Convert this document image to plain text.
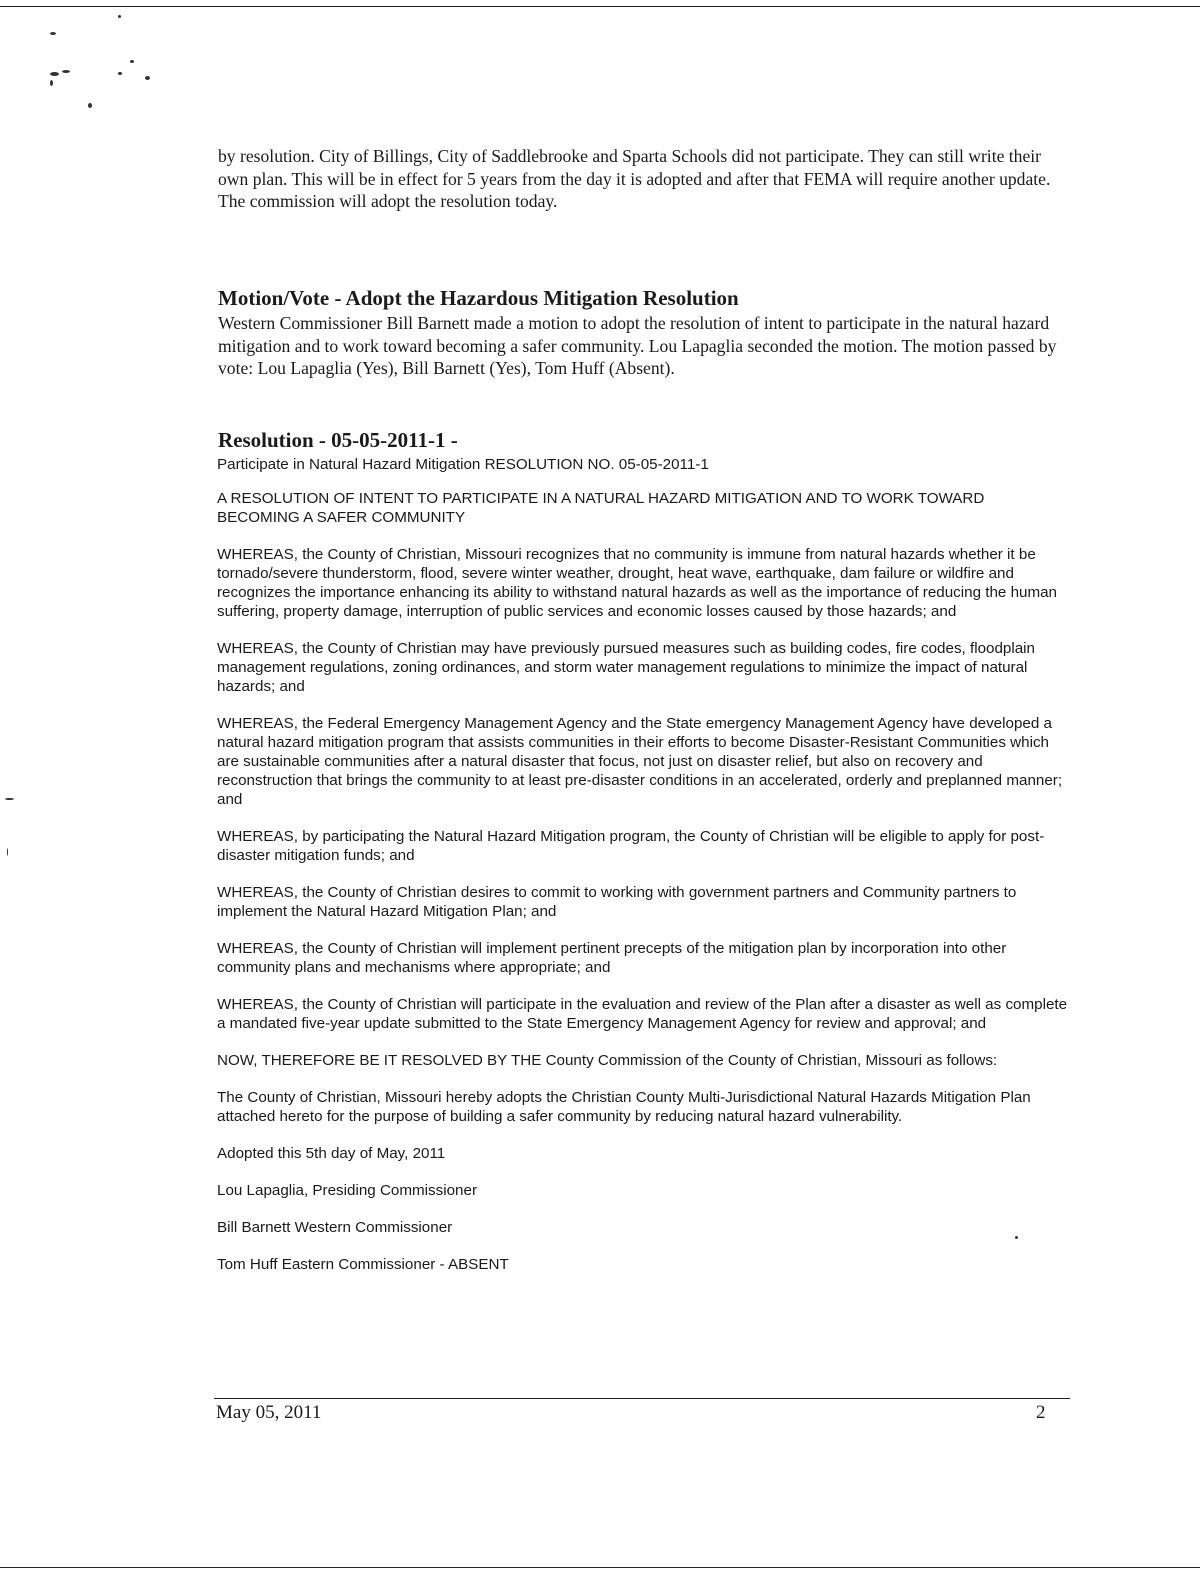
by resolution. City of Billings, City of Saddlebrooke and Sparta Schools did not participate. They can still write their own plan. This will be in effect for 5 years from the day it is adopted and after that FEMA will require another update. The commission will adopt the resolution today.
Motion/Vote - Adopt the Hazardous Mitigation Resolution
Western Commissioner Bill Barnett made a motion to adopt the resolution of intent to participate in the natural hazard mitigation and to work toward becoming a safer community. Lou Lapaglia seconded the motion. The motion passed by vote: Lou Lapaglia (Yes), Bill Barnett (Yes), Tom Huff (Absent).
Resolution - 05-05-2011-1 -

Participate in Natural Hazard Mitigation RESOLUTION NO. 05-05-2011-1

A RESOLUTION OF INTENT TO PARTICIPATE IN A NATURAL HAZARD MITIGATION AND TO WORK TOWARD BECOMING A SAFER COMMUNITY

WHEREAS, the County of Christian, Missouri recognizes that no community is immune from natural hazards whether it be tornado/severe thunderstorm, flood, severe winter weather, drought, heat wave, earthquake, dam failure or wildfire and recognizes the importance enhancing its ability to withstand natural hazards as well as the importance of reducing the human suffering, property damage, interruption of public services and economic losses caused by those hazards; and

WHEREAS, the County of Christian may have previously pursued measures such as building codes, fire codes, floodplain management regulations, zoning ordinances, and storm water management regulations to minimize the impact of natural hazards; and

WHEREAS, the Federal Emergency Management Agency and the State emergency Management Agency have developed a natural hazard mitigation program that assists communities in their efforts to become Disaster-Resistant Communities which are sustainable communities after a natural disaster that focus, not just on disaster relief, but also on recovery and reconstruction that brings the community to at least pre-disaster conditions in an accelerated, orderly and preplanned manner; and

WHEREAS, by participating the Natural Hazard Mitigation program, the County of Christian will be eligible to apply for post-disaster mitigation funds; and

WHEREAS, the County of Christian desires to commit to working with government partners and Community partners to implement the Natural Hazard Mitigation Plan; and

WHEREAS, the County of Christian will implement pertinent precepts of the mitigation plan by incorporation into other community plans and mechanisms where appropriate; and

WHEREAS, the County of Christian will participate in the evaluation and review of the Plan after a disaster as well as complete a mandated five-year update submitted to the State Emergency Management Agency for review and approval; and

NOW, THEREFORE BE IT RESOLVED BY THE County Commission of the County of Christian, Missouri as follows:

The County of Christian, Missouri hereby adopts the Christian County Multi-Jurisdictional Natural Hazards Mitigation Plan attached hereto for the purpose of building a safer community by reducing natural hazard vulnerability.

Adopted this 5th day of May, 2011

Lou Lapaglia, Presiding Commissioner

Bill Barnett Western Commissioner

Tom Huff Eastern Commissioner - ABSENT

May 05, 2011	2
